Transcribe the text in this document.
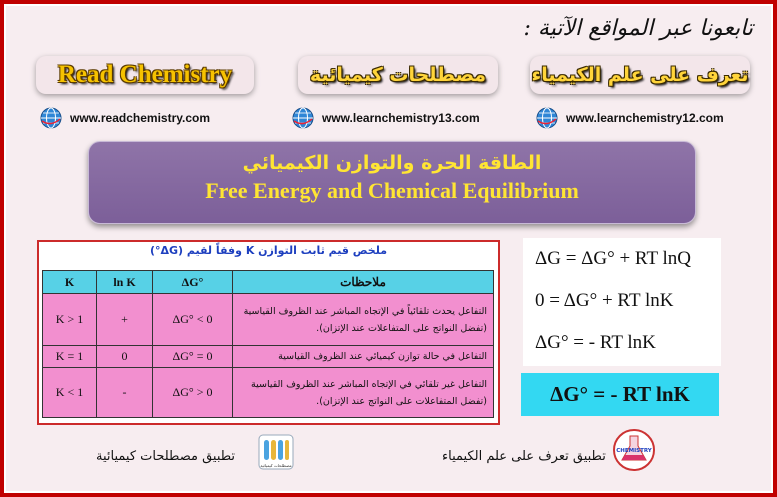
تابعونا عبر المواقع الآتية :
Read Chemistry	مصطلحات كيميائية تعرف على علم الكيمياء
www.readchemistry.com	www.learnchemistry13.com	www.learnchemistry12.com
الطاقة الحرة والتوازن الكيميائي
Free Energy and Chemical Equilibrium
ملخص قيم ثابت التوازن K وفقاً لقيم (ΔG°)
K	ln K	ΔG°	ملاحظات
K > 1	+	ΔG° < 0	التفاعل يحدث تلقائياً في الإتجاه المباشر عند الظروف القياسية (تفضل النواتج على المتفاعلات عند الإتزان).
K = 1	0	ΔG° = 0	التفاعل في حالة توازن كيميائي عند الظروف القياسية
K < 1	-	ΔG° > 0	التفاعل غير تلقائي في الإتجاه المباشر عند الظروف القياسية (تفضل المتفاعلات على النواتج عند الإتزان).
ΔG = ΔG° + RT lnQ
0 = ΔG° + RT lnK
ΔG° = - RT lnK
ΔG° = - RT lnK
مصطلحات كيميائية
تطبيق مصطلحات كيميائية	CHEMISTRY
تطبيق تعرف على علم الكيمياء
